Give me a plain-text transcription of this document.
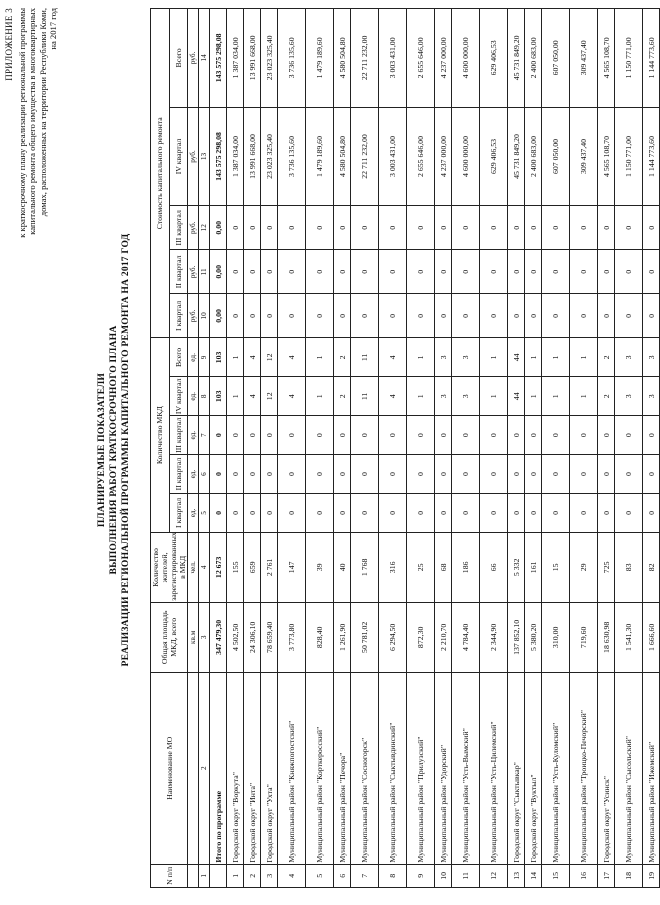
ПРИЛОЖЕНИЕ 3 к краткосрочному плану реализации региональной программы капитального ремонта общего имущества в многоквартирных домах, расположенных на территории Республики Коми, на 2017 год
ПЛАНИРУЕМЫЕ ПОКАЗАТЕЛИ ВЫПОЛНЕНИЯ РАБОТ КРАТКОСРОЧНОГО ПЛАНА РЕАЛИЗАЦИИ РЕГИОНАЛЬНОЙ ПРОГРАММЫ КАПИТАЛЬНОГО РЕМОНТА НА 2017 ГОД
N п/п	Наименование МО	Общая площадь МКД, всего	Количество жителей, зарегистрированных в МКД	Количество МКД					Стоимость капитального ремонта				
				I квартал	II квартал	III квартал	IV квартал	Всего	I квартал	II квартал	III квартал	IV квартал	Всего
		кв.м	чел.	ед.	ед.	ед.	ед.	ед.	руб.	руб.	руб.	руб.	руб.
1	2	3	4	5	6	7	8	9	10	11	12	13	14
	Итого по программе	347 479,30	12 673	0	0	0	103	103	0,00	0,00	0,00	143 575 298,08	143 575 298,08
1	Городской округ "Воркута"	4 502,50	155	0	0	0	1	1	0	0	0	1 387 034,00	1 387 034,00
2	Городской округ "Инта"	24 306,10	659	0	0	0	4	4	0	0	0	13 991 668,00	13 991 668,00
3	Городской округ "Ухта"	78 659,40	2 761	0	0	0	12	12	0	0	0	23 023 325,40	23 023 325,40
4	Муниципальный район "Княжпогостский"	3 773,80	147	0	0	0	4	4	0	0	0	3 736 135,60	3 736 135,60
5	Муниципальный район "Корткеросский"	828,40	39	0	0	0	1	1	0	0	0	1 479 189,60	1 479 189,60
6	Муниципальный район "Печора"	1 261,90	40	0	0	0	2	2	0	0	0	4 580 504,80	4 580 504,80
7	Муниципальный район "Сосногорск"	50 781,02	1 768	0	0	0	11	11	0	0	0	22 711 232,00	22 711 232,00
8	Муниципальный район "Сыктывдинский"	6 294,50	316	0	0	0	4	4	0	0	0	3 003 431,00	3 003 431,00
9	Муниципальный район "Прилузский"	872,30	25	0	0	0	1	1	0	0	0	2 655 646,00	2 655 646,00
10	Муниципальный район "Удорский"	2 210,70	68	0	0	0	3	3	0	0	0	4 237 000,00	4 237 000,00
11	Муниципальный район "Усть-Вымский"	4 784,40	186	0	0	0	3	3	0	0	0	4 600 000,00	4 600 000,00
12	Муниципальный район "Усть-Цилемский"	2 344,90	66	0	0	0	1	1	0	0	0	629 406,53	629 406,53
13	Городской округ "Сыктывкар"	137 852,10	5 332	0	0	0	44	44	0	0	0	45 731 849,20	45 731 849,20
14	Городской округ "Вуктыл"	5 380,20	161	0	0	0	1	1	0	0	0	2 400 683,00	2 400 683,00
15	Муниципальный район "Усть-Куломский"	310,00	15	0	0	0	1	1	0	0	0	607 050,00	607 050,00
16	Муниципальный район "Троицко-Печорский"	719,60	29	0	0	0	1	1	0	0	0	309 437,40	309 437,40
17	Городской округ "Усинск"	18 630,98	725	0	0	0	2	2	0	0	0	4 565 108,70	4 565 108,70
18	Муниципальный район "Сысольский"	1 541,30	83	0	0	0	3	3	0	0	0	1 150 771,00	1 150 771,00
19	Муниципальный район "Ижемский"	1 666,60	82	0	0	0	3	3	0	0	0	1 144 773,60	1 144 773,60
